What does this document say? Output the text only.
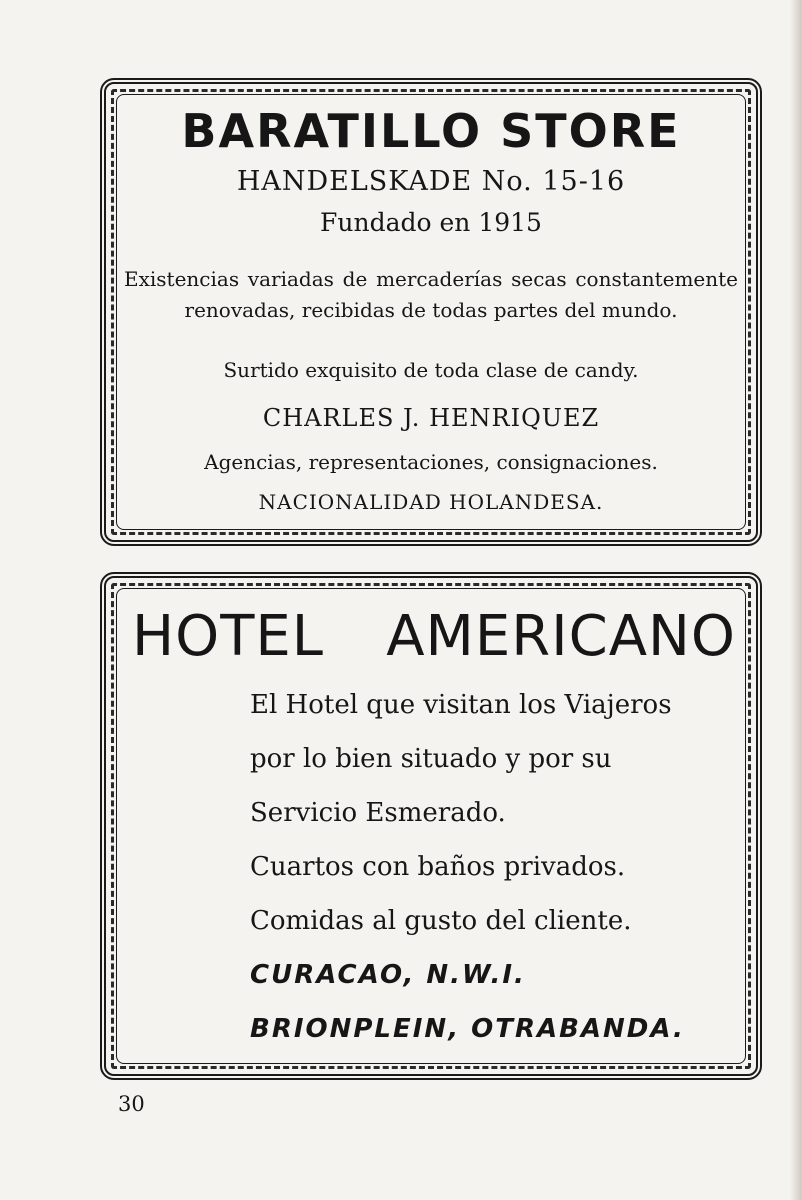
BARATILLO STORE
HANDELSKADE No. 15-16
Fundado en 1915
Existencias variadas de mercaderías secas constantemente renovadas, recibidas de todas partes del mundo.
Surtido exquisito de toda clase de candy.
CHARLES J. HENRIQUEZ
Agencias, representaciones, consignaciones.
NACIONALIDAD HOLANDESA.
HOTEL AMERICANO
El Hotel que visitan los Viajeros
por lo bien situado y por su
Servicio Esmerado.
Cuartos con baños privados.
Comidas al gusto del cliente.
CURACAO, N.W.I.
BRIONPLEIN, OTRABANDA.
30
